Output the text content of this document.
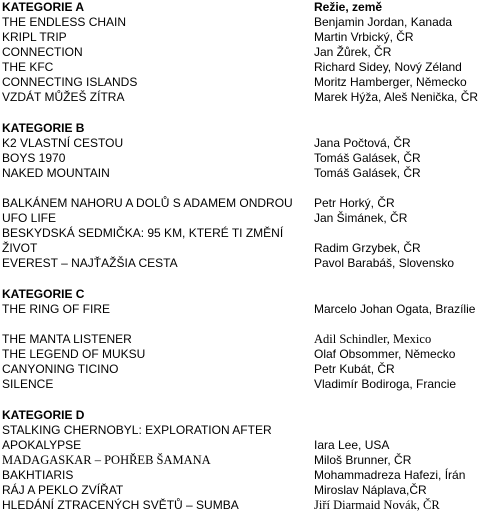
KATEGORIE A	Režie, země
THE ENDLESS CHAIN	Benjamin Jordan, Kanada
KRIPL TRIP	Martin Vrbický, ČR
CONNECTION	Jan Žůrek, ČR
THE KFC	Richard Sidey, Nový Zéland
CONNECTING ISLANDS	Moritz Hamberger, Německo
VZDÁT MŮŽEŠ ZÍTRA	Marek Hýža, Aleš Neničk​a, ČR
KATEGORIE B
K2 VLASTNÍ CESTOU	Jana Počtová, ČR
BOYS 1970	Tomáš Galásek, ČR
NAKED MOUNTAIN	Tomáš Galásek, ČR
BALKÁNEM NAHORU A DOLŮ S ADAMEM ONDROU	Petr Horký, ČR
UFO LIFE	Jan Šimánek, ČR
BESKYDSKÁ SEDMIČKA: 95 KM, KTERÉ TI ZMĚNÍ ŽIVOT	Radim Grzybek, ČR
EVEREST – NAJŤAŽŠIA CESTA	Pavol Barabáš, Slovensko
KATEGORIE C
THE RING OF FIRE	Marcelo Johan Ogata, Brazílie
THE MANTA LISTENER	Adil Schindler, Mexico
THE LEGEND OF MUKSU	Olaf Obsommer, Německo
CANYONING TICINO	Petr Kubát, ČR
SILENCE	Vladimír Bodiroga, Francie
KATEGORIE D
STALKING CHERNOBYL: EXPLORATION AFTER APOKALYPSE	Iara Lee, USA
MADAGASKAR – POHŘEB ŠAMANA	Miloš Brunner, ČR
BAKHTIARIS	Mohammadreza Hafezi, Írán
RÁJ A PEKLO ZVÍŘAT	Miroslav Náplava,ČR
HLEDÁNÍ ZTRACENÝCH SVĚTŮ – SUMBA	Jiří Diarmaid Novák, ČR
